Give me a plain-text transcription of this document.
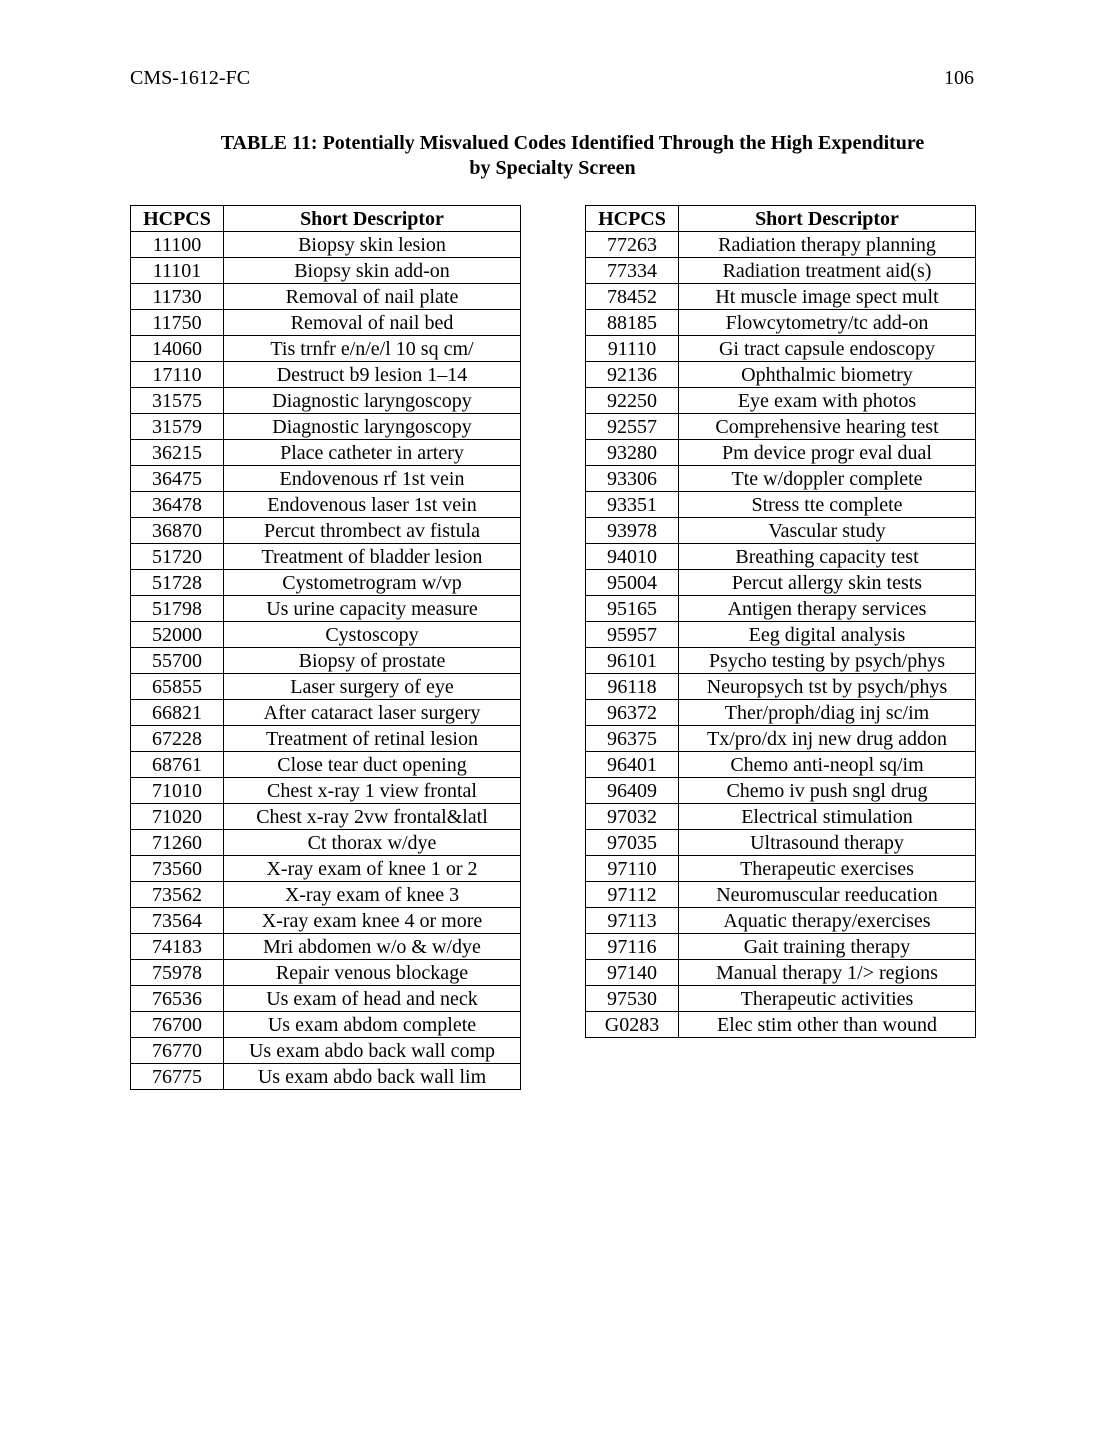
CMS-1612-FC	106
TABLE 11: Potentially Misvalued Codes Identified Through the High Expenditure
by Specialty Screen
HCPCS	Short Descriptor
11100	Biopsy skin lesion
11101	Biopsy skin add-on
11730	Removal of nail plate
11750	Removal of nail bed
14060	Tis trnfr e/n/e/l 10 sq cm/
17110	Destruct b9 lesion 1–14
31575	Diagnostic laryngoscopy
31579	Diagnostic laryngoscopy
36215	Place catheter in artery
36475	Endovenous rf 1st vein
36478	Endovenous laser 1st vein
36870	Percut thrombect av fistula
51720	Treatment of bladder lesion
51728	Cystometrogram w/vp
51798	Us urine capacity measure
52000	Cystoscopy
55700	Biopsy of prostate
65855	Laser surgery of eye
66821	After cataract laser surgery
67228	Treatment of retinal lesion
68761	Close tear duct opening
71010	Chest x-ray 1 view frontal
71020	Chest x-ray 2vw frontal&latl
71260	Ct thorax w/dye
73560	X-ray exam of knee 1 or 2
73562	X-ray exam of knee 3
73564	X-ray exam knee 4 or more
74183	Mri abdomen w/o & w/dye
75978	Repair venous blockage
76536	Us exam of head and neck
76700	Us exam abdom complete
76770	Us exam abdo back wall comp
76775	Us exam abdo back wall lim
HCPCS	Short Descriptor
77263	Radiation therapy planning
77334	Radiation treatment aid(s)
78452	Ht muscle image spect mult
88185	Flowcytometry/tc add-on
91110	Gi tract capsule endoscopy
92136	Ophthalmic biometry
92250	Eye exam with photos
92557	Comprehensive hearing test
93280	Pm device progr eval dual
93306	Tte w/doppler complete
93351	Stress tte complete
93978	Vascular study
94010	Breathing capacity test
95004	Percut allergy skin tests
95165	Antigen therapy services
95957	Eeg digital analysis
96101	Psycho testing by psych/phys
96118	Neuropsych tst by psych/phys
96372	Ther/proph/diag inj sc/im
96375	Tx/pro/dx inj new drug addon
96401	Chemo anti-neopl sq/im
96409	Chemo iv push sngl drug
97032	Electrical stimulation
97035	Ultrasound therapy
97110	Therapeutic exercises
97112	Neuromuscular reeducation
97113	Aquatic therapy/exercises
97116	Gait training therapy
97140	Manual therapy 1/> regions
97530	Therapeutic activities
G0283	Elec stim other than wound
